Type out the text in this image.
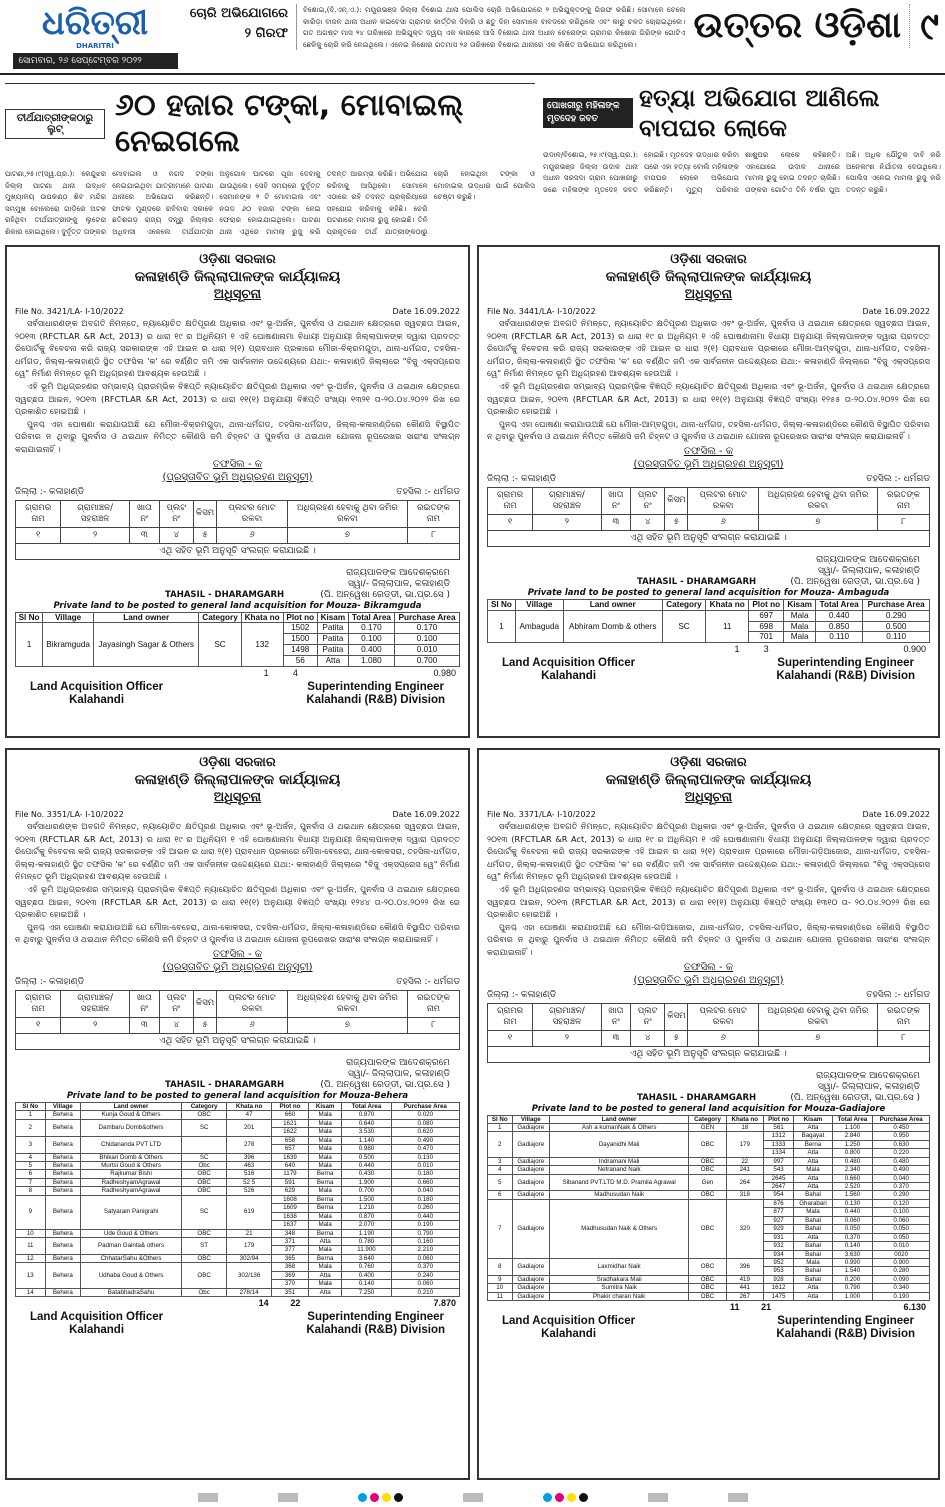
ଧରିତ୍ରୀ
DHARITRI
ସୋମବାର, ୨୬ ସେପ୍ଟେମ୍ବର ୨୦୨୨
ଚୋରି ଅଭିଯୋଗରେ ୨ ଗିରଫ
ବିଶୋଇ,(ବି.ଏନ୍.ଏ.): ମୟୂରଭଞ୍ଜ ଜିଲ୍ଲା ବିଶୋଇ ଥାନା ପୋଲିସ ଚୋରି ଅଭିଯୋଗରେ ୨ ଅଭିଯୁକ୍ତଙ୍କୁ ଗିରଫ କରିଛି। ସୋମାଳେ ଚେଲେ କାରିଡ଼ା ବାଜନ ଥାନା ଅଧୀନ କଇବେସା ଗ୍ରାମର କାର୍ତ୍ତିକ ଦିହାରି ଓ ଛତୁ ଦିହା ସୋମାଳେ ବାବଦରେ କରିଥିଲେ ଏବଂ କାରୁ ଚଳତ ଚୋରାଇଥିଲେ। ଗତ ଅଗଷ୍ଟ ମାସ ୨୪ ତାରିଖରେ ଅଭିଯୁକ୍ତ ଦ୍ୱୟ ଏକ କାରରେ ଆସି ବିଶୋଇ ଥାନା ଅଧୀନ ଚେରେଙ୍ଗ ଗ୍ରାମର କିଶୋର ଗିରିଙ୍କ ଗୋଟିଏ ଛେଳିକୁ ଚୋରି କରି ନେଇଥିଲେ। ଏନେଇ କିଶୋର ଗତମାସ ୨୬ ତାରିଖରେ ବିଶୋଇ ଥାନାରେ ଏକ ଲିଖିତ ଅଭିଯୋଗ କରିଥିଲେ।	ଉତ୍ତର ଓଡ଼ିଶା ୯
ତୀର୍ଥଯାତ୍ରୀଙ୍କଠାରୁ ଲୁଟ୍
୬୦ ହଜାର ଟଙ୍କା, ମୋବାଇଲ୍ ନେଇଗଲେ
ପାଟଣା,୨୫।୯(ସ୍ୱ.ପ୍ର.): କେନ୍ଦୁଝର ଜିଲ୍ଲା ପାଟଣା ଥାନା ଉଦ୍ଧବ ମୁଖ୍ୟାଳୟ ଉପକଣ୍ଠ ଶିବ ମନ୍ଦିର ସମ୍ମୁଖ ବୋଲେରୋ ଗାଡ଼ିରେ ଅଟକ ରହିଥିବା ତୀର୍ଥଯାତ୍ରୀଙ୍କୁ ଲୁଟେରା ଶିକାର ହୋଇଥିଲେ। ଦୁର୍ବୃତ୍ତ ତାଙ୍କର ମୋବାଇଲ ଓ ନଗଦ ଟଙ୍କା ନେଇଯାଇଥିବା ଯାତ୍ରୀମାନେ ପାଟଣା ଥାନାରେ ଅଭିଯୋଗ କରିଛନ୍ତି। ଫାଟକ ମୁଣ୍ଡରେ ରବିବାର ସକାଳେ ଛତିଶଗଡ଼ ରାଜ୍ୟ ଦନ୍ତ୍ରୁ ଜିଲ୍ଲାର ଅଧିବାସୀ ଏକେଲେ ତୀର୍ଥଯାତ୍ରୀ ଅନୁଗୋଳ ଘାଟରେ ପୂଜା ଦେବାକୁ ଯାଉଥିଲେ। ସେହି ସମୟରେ ଦୁର୍ବୃତ୍ତ ସେମାନଙ୍କ ୨ ଟି ମୋବାଇଲ ଏବଂ ନଗଦ ୬୦ ହଜାର ଟଙ୍କା ନେଇ ଫେରାର ହୋଇଯାଇଥିଲେ। ପାଟଣା ଥାନା ଏଥିରେ ମାମଲା ରୁଜୁ କରି ତଦନ୍ତ ଆରମ୍ଭ କରିଛି। ଅଭିଯୋଗ କରିବାକୁ ଆସିଥିଲେ। ସୋମାଳେ ଏଠାରେ ରହି ତଦନ୍ତ ପ୍ରକ୍ରିୟାରେ ସହଯୋଗ କରିବାକୁ କହିଛି। ଚେରି ଘଟଣାରେ ମାମଲା ରୁଜୁ ହୋଇଛି। ତିନି ପ୍ରକୃତରେ ତୀର୍ଥ ଯାତ୍ରୀଙ୍କଠାରୁ ଚୋରି ହୋଇଥିବା ଟଙ୍କା ଓ ମୋବାଇଲ ଉଦ୍ଧାର ପାଇଁ ପୋଲିସ ଚେଷ୍ଟା କରୁଛି।
ପୋଖରୀରୁ ମହିଳାଙ୍କ ମୃତଦେହ ଜବତ
ହତ୍ୟା ଅଭିଯୋଗ ଆଣିଲେ ବାପଘର ଲୋକେ
ଉଦାଳ/ବିଶୋଇ, ୨୫।୯(ସ୍ୱ.ପ୍ର.): ମୟୂରଭଞ୍ଜ ଜିଲ୍ଲା ଉଦାଳ ଥାନା ଅଧୀନ ସରସଦା ଗ୍ରାମ ପୋଖରୀରୁ ଜଣେ ମହିଳାଙ୍କ ମୃତଦେହ ଜବତ ହୋଇଛି। ମୃତଦେହ ଉଦ୍ଧାର କରିବା ପରେ ଏହା ହତ୍ୟା ବୋଲି ମହିଳାଙ୍କ ବାପଘର ଲୋକେ ଅଭିଯୋଗ କରିଛନ୍ତି। ମୁତ୍ୟୁ ପରିବାର ଶାଶୁଘର ଲୋକେ କହିଛନ୍ତି। ଏହାଯୋଗେ ଉଦାଳ ଥାନାରେ ମାମଲା ରୁଜୁ ହୋଇ ତଦନ୍ତ ଚାଲିଛି। ତାଙ୍କର ଗୋଟିଏ ତିନି ବର୍ଷର ପୁଅ ଅଛି। ଅଧିକ ଯୌତୁକ ଦାବି କରି ଅନେକାଂଶ ନିର୍ଯାତନା ଦେଉଥିଲେ। ପୋଲିସ ଏନେଇ ମାମଲା ରୁଜୁ କରି ତଦନ୍ତ କରୁଛି।
ଓଡ଼ିଶା ସରକାର
କଳାହାଣ୍ଡି ଜିଲ୍ଲାପାଳଙ୍କ କାର୍ଯ୍ୟାଳୟ
ଅଧିସୂଚନା
File No. 3421/LA- I-10/2022	Date 16.09.2022
ସର୍ବସାଧାରଣଙ୍କ ଅବଗତି ନିମନ୍ତେ, ନ୍ୟାୟୋଚିତ କ୍ଷତିପୂରଣ ଅଧିକାର ଏବଂ ଭୂ-ଅର୍ଜନ, ପୁନର୍ବାସ ଓ ଥଇଥାନ କ୍ଷେତ୍ରରେ ସ୍ୱଚ୍ଛତା ଆଇନ, ୨୦୧୩ (RFCTLAR &R Act, 2013) ର ଧାରା ୧୯ ର ଅଧିନିୟମ ୧ ଏହି ଘୋଷଣାନାମା ବିଧାୟୀ ଅନୁଯାୟୀ ଜିଲ୍ଲାପାଳଙ୍କ ଦ୍ୱାରା ପ୍ରଦତ୍ତ ରିପୋର୍ଟକୁ ବିବେଚନା କରି ରାଜ୍ୟ ସରକାରଙ୍କ ଏହି ଆଇନ ର ଧାରା ୨(୧) ପ୍ରାବଧାନ ପ୍ରକାରେ ମୌଜା-ବିକ୍ରମଗୁଡ଼ା, ଥାନା-ଧର୍ମଗଡ, ତହସିଲ-ଧର୍ମଗଡ, ଜିଲ୍ଲା-କଳାହାଣ୍ଡି ସ୍ଥିତ ତଫସିଲ 'କ' ରେ ବର୍ଣ୍ଣିତ ଜମି ଏକ ସାର୍ବଜନୀନ ଉଦ୍ଦେଶ୍ୟରେ ଯଥା:- କଳାହାଣ୍ଡି ଜିଲ୍ଲାରେ "ବିଜୁ ଏକ୍ସପ୍ରେସ ୱେ" ନିର୍ମାଣ ନିମନ୍ତେ ଭୂମି ଅଧିଗ୍ରହଣ ଆବଶ୍ୟକ ହେଉଅଛି ।
ଏହି ଭୂମି ଅଧିଗ୍ରହଣର ସମ୍ଭାବ୍ୟ ପ୍ରାରମ୍ଭିକ ବିଜ୍ଞପ୍ତି ନ୍ୟାୟୋଚିତ କ୍ଷତିପୂରଣ ଅଧିକାର ଏବଂ ଭୂ-ଅର୍ଜନ, ପୁନର୍ବାସ ଓ ଥଇଥାନ କ୍ଷେତ୍ରରେ ସ୍ୱଚ୍ଛତା ଆଇନ, ୨୦୧୩ (RFCTLAR &R Act, 2013) ର ଧାରା ୧୧(୧) ଅନୁଯାୟୀ ବିଜ୍ଞପ୍ତି ସଂଖ୍ୟା ୧୩୨୧ ତା-୨୦.୦୪.୨୦୨୨ ରିଖ ରେ ପ୍ରକାଶିତ ହୋଇଅଛି ।
ପୁନଶ୍ଚ ଏହା ଘୋଷଣା କରାଯାଉଅଛି ଯେ ମୌଜା-ବିକ୍ରମଗୁଡ଼ା, ଥାନା-ଧର୍ମଗଡ, ତହସିଲ-ଧର୍ମଗଡ, ଜିଲ୍ଲା-କଳାହାଣ୍ଡିରେ କୌଣସି ବିସ୍ଥାପିତ ପରିବାର ନ ଥିବାରୁ ପୁନର୍ବାସ ଓ ଥଇଥାନ ନିମିତ୍ତ କୌଣସି ଜମି ଚିହ୍ନଟ ଓ ପୁନର୍ବାସ ଓ ଥଇଥାନ ଯୋଜନା ରୂପରେଖର ସାରାଂଶ ସଂଲଗ୍ନ କରାଯାଇନାହିଁ ।
ତଫସିଲ - କ
(ପ୍ରସ୍ତାବିତ ଭୂମି ଅଧିଗ୍ରହଣ ଅନୁସୂଚୀ)
ଜିଲ୍ଲା :- କଳାହାଣ୍ଡି	ତହସିଲ :- ଧର୍ମଗଡ
ଗ୍ରାମର ନାମ	ଗ୍ରାମାଞ୍ଚଳ/ ସହରାଞ୍ଚଳ	ଖାତା ନଂ	ପ୍ଲଟ ନଂ	କିସମ	ପ୍ଲଟର ମୋଟ ରକବା	ଅଧିଗ୍ରହଣ ହେବାକୁ ଥିବା ଜମିର ରକବା	ରଇତଙ୍କ ନାମ
୧	୨	୩	୪	୫	୬	୭	୮
ଏଥି ସହିତ ଭୂମି ଅନୁସୂଚି ସଂଲଗ୍ନ କରାଯାଇଛି ।							
ରାଜ୍ୟପାଳଙ୍କ ଆଦେଶକ୍ରମେ
ସ୍ୱା/- ଜିଲ୍ଲାପାଳ, କଳାହାଣ୍ଡି
TAHASIL - DHARAMGARH	(ପି. ଅନ୍ୱେଷା ରେଡ୍ଡୀ, ଭା.ପ୍ର.ସେ )
Private land to be posted to general land acquisition for Mouza- Bikramguda
Sl No	Village	Land owner	Category	Khata no	Plot no	Kisam	Total Area	Purchase Area
1	Bikramguda	Jayasingh Sagar & Others	SC	132	1502	Patita	0.170	0.170
					1500	Patita	0.100	0.100
					1498	Patita	0.400	0.010
					56	Atta	1.080	0.700
1	4	0.980
Land Acquisition Officer
Kalahandi
Superintending Engineer
Kalahandi (R&B) Division
ଓଡ଼ିଶା ସରକାର
କଳାହାଣ୍ଡି ଜିଲ୍ଲାପାଳଙ୍କ କାର୍ଯ୍ୟାଳୟ
ଅଧିସୂଚନା
File No. 3441/LA- I-10/2022	Date 16.09.2022
ସର୍ବସାଧାରଣଙ୍କ ଅବଗତି ନିମନ୍ତେ, ନ୍ୟାୟୋଚିତ କ୍ଷତିପୂରଣ ଅଧିକାର ଏବଂ ଭୂ-ଅର୍ଜନ, ପୁନର୍ବାସ ଓ ଥଇଥାନ କ୍ଷେତ୍ରରେ ସ୍ୱଚ୍ଛତା ଆଇନ, ୨୦୧୩ (RFCTLAR &R Act, 2013) ର ଧାରା ୧୯ ର ଅଧିନିୟମ ୧ ଏହି ଘୋଷଣାନାମା ବିଧାୟୀ ଅନୁଯାୟୀ ଜିଲ୍ଲାପାଳଙ୍କ ଦ୍ୱାରା ପ୍ରଦତ୍ତ ରିପୋର୍ଟକୁ ବିବେଚନା କରି ରାଜ୍ୟ ସରକାରଙ୍କ ଏହି ଆଇନ ର ଧାରା ୨(୧) ପ୍ରାବଧାନ ପ୍ରକାରେ ମୌଜା-ଆମ୍ବଗୁଡ଼ା, ଥାନା-ଧର୍ମଗଡ, ତହସିଲ-ଧର୍ମଗଡ, ଜିଲ୍ଲା-କଳାହାଣ୍ଡି ସ୍ଥିତ ତଫସିଲ 'କ' ରେ ବର୍ଣ୍ଣିତ ଜମି ଏକ ସାର୍ବଜନୀନ ଉଦ୍ଦେଶ୍ୟରେ ଯଥା:- କଳାହାଣ୍ଡି ଜିଲ୍ଲାରେ "ବିଜୁ ଏକ୍ସପ୍ରେସ ୱେ" ନିର୍ମାଣ ନିମନ୍ତେ ଭୂମି ଅଧିଗ୍ରହଣ ଆବଶ୍ୟକ ହେଉଅଛି ।
ଏହି ଭୂମି ଅଧିଗ୍ରହଣର ସମ୍ଭାବ୍ୟ ପ୍ରାରମ୍ଭିକ ବିଜ୍ଞପ୍ତି ନ୍ୟାୟୋଚିତ କ୍ଷତିପୂରଣ ଅଧିକାର ଏବଂ ଭୂ-ଅର୍ଜନ, ପୁନର୍ବାସ ଓ ଥଇଥାନ କ୍ଷେତ୍ରରେ ସ୍ୱଚ୍ଛତା ଆଇନ, ୨୦୧୩ (RFCTLAR &R Act, 2013) ର ଧାରା ୧୧(୧) ଅନୁଯାୟୀ ବିଜ୍ଞପ୍ତି ସଂଖ୍ୟା ୧୨୫୫ ତା-୨୦.୦୪.୨୦୨୨ ରିଖ ରେ ପ୍ରକାଶିତ ହୋଇଅଛି ।
ପୁନଶ୍ଚ ଏହା ଘୋଷଣା କରାଯାଉଅଛି ଯେ ମୌଜା-ଆମ୍ବଗୁଡ଼ା, ଥାନା-ଧର୍ମଗଡ, ତହସିଲ-ଧର୍ମଗଡ, ଜିଲ୍ଲା-କଳାହାଣ୍ଡିରେ କୌଣସି ବିସ୍ଥାପିତ ପରିବାର ନ ଥିବାରୁ ପୁନର୍ବାସ ଓ ଥଇଥାନ ନିମିତ୍ତ କୌଣସି ଜମି ଚିହ୍ନଟ ଓ ପୁନର୍ବାସ ଓ ଥଇଥାନ ଯୋଜନା ରୂପରେଖର ସାରାଂଶ ସଂଲଗ୍ନ କରାଯାଇନାହିଁ ।
ତଫସିଲ - କ
(ପ୍ରସ୍ତାବିତ ଭୂମି ଅଧିଗ୍ରହଣ ଅନୁସୂଚୀ)
ଜିଲ୍ଲା :- କଳାହାଣ୍ଡି	ତହସିଲ :- ଧର୍ମଗଡ
ଗ୍ରାମର ନାମ	ଗ୍ରାମାଞ୍ଚଳ/ ସହରାଞ୍ଚଳ	ଖାତା ନଂ	ପ୍ଲଟ ନଂ	କିସମ	ପ୍ଲଟର ମୋଟ ରକବା	ଅଧିଗ୍ରହଣ ହେବାକୁ ଥିବା ଜମିର ରକବା	ରଇତଙ୍କ ନାମ
୧	୨	୩	୪	୫	୬	୭	୮
ଏଥି ସହିତ ଭୂମି ଅନୁସୂଚି ସଂଲଗ୍ନ କରାଯାଇଛି ।							
ରାଜ୍ୟପାଳଙ୍କ ଆଦେଶକ୍ରମେ
ସ୍ୱା/- ଜିଲ୍ଲାପାଳ, କଳାହାଣ୍ଡି
TAHASIL - DHARAMGARH	(ପି. ଅନ୍ୱେଷା ରେଡ୍ଡୀ, ଭା.ପ୍ର.ସେ )
Private land to be posted to general land acquisition for Mouza- Ambaguda
Sl No	Village	Land owner	Category	Khata no	Plot no	Kisam	Total Area	Purchase Area
1	Ambaguda	Abhiram Domb & others	SC	11	697	Mala	0.440	0.290
					698	Mala	0.850	0.500
					701	Mala	0.110	0.110
1	3	0.900
Land Acquisition Officer
Kalahandi
Superintending Engineer
Kalahandi (R&B) Division
ଓଡ଼ିଶା ସରକାର
କଳାହାଣ୍ଡି ଜିଲ୍ଲାପାଳଙ୍କ କାର୍ଯ୍ୟାଳୟ
ଅଧିସୂଚନା
File No. 3351/LA- I-10/2022	Date 16.09.2022
ସର୍ବସାଧାରଣଙ୍କ ଅବଗତି ନିମନ୍ତେ, ନ୍ୟାୟୋଚିତ କ୍ଷତିପୂରଣ ଅଧିକାର ଏବଂ ଭୂ-ଅର୍ଜନ, ପୁନର୍ବାସ ଓ ଥଇଥାନ କ୍ଷେତ୍ରରେ ସ୍ୱଚ୍ଛତା ଆଇନ, ୨୦୧୩ (RFCTLAR &R Act, 2013) ର ଧାରା ୧୯ ର ଅଧିନିୟମ ୧ ଏହି ଘୋଷଣାନାମା ବିଧାୟୀ ଅନୁଯାୟୀ ଜିଲ୍ଲାପାଳଙ୍କ ଦ୍ୱାରା ପ୍ରଦତ୍ତ ରିପୋର୍ଟକୁ ବିବେଚନା କରି ରାଜ୍ୟ ସରକାରଙ୍କ ଏହି ଆଇନ ର ଧାରା ୨(୧) ପ୍ରାବଧାନ ପ୍ରକାରେ ମୌଜା-ବେହେରା, ଥାନା-କୋକସରା, ତହସିଲ-ଧର୍ମଗଡ, ଜିଲ୍ଲା-କଳାହାଣ୍ଡି ସ୍ଥିତ ତଫସିଲ 'କ' ରେ ବର୍ଣ୍ଣିତ ଜମି ଏକ ସାର୍ବଜନୀନ ଉଦ୍ଦେଶ୍ୟରେ ଯଥା:- କଳାହାଣ୍ଡି ଜିଲ୍ଲାରେ "ବିଜୁ ଏକ୍ସପ୍ରେସ ୱେ" ନିର୍ମାଣ ନିମନ୍ତେ ଭୂମି ଅଧିଗ୍ରହଣ ଆବଶ୍ୟକ ହେଉଅଛି ।
ଏହି ଭୂମି ଅଧିଗ୍ରହଣର ସମ୍ଭାବ୍ୟ ପ୍ରାରମ୍ଭିକ ବିଜ୍ଞପ୍ତି ନ୍ୟାୟୋଚିତ କ୍ଷତିପୂରଣ ଅଧିକାର ଏବଂ ଭୂ-ଅର୍ଜନ, ପୁନର୍ବାସ ଓ ଥଇଥାନ କ୍ଷେତ୍ରରେ ସ୍ୱଚ୍ଛତା ଆଇନ, ୨୦୧୩ (RFCTLAR &R Act, 2013) ର ଧାରା ୧୧(୧) ଅନୁଯାୟୀ ବିଜ୍ଞପ୍ତି ସଂଖ୍ୟା ୧୨୪୪ ତା-୨୦.୦୪.୨୦୨୨ ରିଖ ରେ ପ୍ରକାଶିତ ହୋଇଅଛି ।
ପୁନଶ୍ଚ ଏହା ଘୋଷଣା କରାଯାଉଅଛି ଯେ ମୌଜା-ବେହେରା, ଥାନା-କୋକସରା, ତହସିଲ-ଧର୍ମଗଡ, ଜିଲ୍ଲା-କଳାହାଣ୍ଡିରେ କୌଣସି ବିସ୍ଥାପିତ ପରିବାର ନ ଥିବାରୁ ପୁନର୍ବାସ ଓ ଥଇଥାନ ନିମିତ୍ତ କୌଣସି ଜମି ଚିହ୍ନଟ ଓ ପୁନର୍ବାସ ଓ ଥଇଥାନ ଯୋଜନା ରୂପରେଖର ସାରାଂଶ ସଂଲଗ୍ନ କରାଯାଇନାହିଁ ।
ତଫସିଲ - କ
(ପ୍ରସ୍ତାବିତ ଭୂମି ଅଧିଗ୍ରହଣ ଅନୁସୂଚୀ)
ଜିଲ୍ଲା :- କଳାହାଣ୍ଡି	ତହସିଲ :- ଧର୍ମଗଡ
ଗ୍ରାମର ନାମ	ଗ୍ରାମାଞ୍ଚଳ/ ସହରାଞ୍ଚଳ	ଖାତା ନଂ	ପ୍ଲଟ ନଂ	କିସମ	ପ୍ଲଟର ମୋଟ ରକବା	ଅଧିଗ୍ରହଣ ହେବାକୁ ଥିବା ଜମିର ରକବା	ରଇତଙ୍କ ନାମ
୧	୨	୩	୪	୫	୬	୭	୮
ଏଥି ସହିତ ଭୂମି ଅନୁସୂଚି ସଂଲଗ୍ନ କରାଯାଇଛି ।							
ରାଜ୍ୟପାଳଙ୍କ ଆଦେଶକ୍ରମେ
ସ୍ୱା/- ଜିଲ୍ଲାପାଳ, କଳାହାଣ୍ଡି
TAHASIL - DHARAMGARH	(ପି. ଅନ୍ୱେଷା ରେଡ୍ଡୀ, ଭା.ପ୍ର.ସେ )
Private land to be posted to general land acquisition for Mouza-Behera
Sl No	Village	Land owner	Category	Khata no	Plot no	Kisam	Total Area	Purchase Area
1	Behera	Kunja Goud & Others	OBC	47	660	Mala	0.870	0.020
2	Behera	Dambaru Domb&others	SC	201	1621	Mala	0.640	0.080
					1622	Mala	3.530	0.620
3	Behera	Chidananda PVT LTD		278	658	Mala	1.140	0.490
					657	Mala	0.980	0.470
4	Behera	Bhikari Domb & Others	SC	396	1639	Mala	0.500	0.130
5	Behera	Murtsi Goud & Others	Obc	463	640	Mala	0.440	0.010
6	Behera	Rajkumar Bishi	OBC	516	1179	Berna	0.430	0.180
7	Behera	RadheshyamAgrawal	OBC	52 5	591	Berna	1.900	0.660
8	Behera	RadheshyamAgrawal	OBC	526	629	Mala	0.700	0.040
9	Behera	Satyaram Panigrahi	SC	619	1608	Berna	1.500	0.180
					1609	Berna	1.210	0.260
					1638	Mala	0.870	0.440
					1637	Mala	2.070	0.190
10	Behera	Ude Goud & Others	OBC	21	348	Berna	1.190	0.790
11	Behera	Padman Gainta& others	ST	179	371	Atta	0.780	0.160
					377	Mala	11.900	2.210
12	Behera	ChhatarSahu &Others	OBC	302/94	365	Berna	3.640	0.060
13	Behera	Udhaba Goud & Others	OBC	302/136	368	Mala	0.760	0.370
					369	Atta	0.400	0.240
					370	Mala	0.140	0.060
14	Behera	BatabhadraSahu	Obc	278/14	351	Atta	7.250	0.210
14	22	7.870
Land Acquisition Officer
Kalahandi
Superintending Engineer
Kalahandi (R&B) Division
ଓଡ଼ିଶା ସରକାର
କଳାହାଣ୍ଡି ଜିଲ୍ଲାପାଳଙ୍କ କାର୍ଯ୍ୟାଳୟ
ଅଧିସୂଚନା
File No. 3371/LA- I-10/2022	Date 16.09.2022
ସର୍ବସାଧାରଣଙ୍କ ଅବଗତି ନିମନ୍ତେ, ନ୍ୟାୟୋଚିତ କ୍ଷତିପୂରଣ ଅଧିକାର ଏବଂ ଭୂ-ଅର୍ଜନ, ପୁନର୍ବାସ ଓ ଥଇଥାନ କ୍ଷେତ୍ରରେ ସ୍ୱଚ୍ଛତା ଆଇନ, ୨୦୧୩ (RFCTLAR &R Act, 2013) ର ଧାରା ୧୯ ର ଅଧିନିୟମ ୧ ଏହି ଘୋଷଣାନାମା ବିଧାୟୀ ଅନୁଯାୟୀ ଜିଲ୍ଲାପାଳଙ୍କ ଦ୍ୱାରା ପ୍ରଦତ୍ତ ରିପୋର୍ଟକୁ ବିବେଚନା କରି ରାଜ୍ୟ ସରକାରଙ୍କ ଏହି ଆଇନ ର ଧାରା ୨(୧) ପ୍ରାବଧାନ ପ୍ରକାରେ ମୌଜା-ଗଡ଼ିଆଜୋର, ଥାନା-ଧର୍ମଗଡ, ତହସିଲ-ଧର୍ମଗଡ, ଜିଲ୍ଲା-କଳାହାଣ୍ଡି ସ୍ଥିତ ତଫସିଲ 'କ' ରେ ବର୍ଣ୍ଣିତ ଜମି ଏକ ସାର୍ବଜନୀନ ଉଦ୍ଦେଶ୍ୟରେ ଯଥା:- କଳାହାଣ୍ଡି ଜିଲ୍ଲାରେ "ବିଜୁ ଏକ୍ସପ୍ରେସ ୱେ" ନିର୍ମାଣ ନିମନ୍ତେ ଭୂମି ଅଧିଗ୍ରହଣ ଆବଶ୍ୟକ ହେଉଅଛି ।
ଏହି ଭୂମି ଅଧିଗ୍ରହଣର ସମ୍ଭାବ୍ୟ ପ୍ରାରମ୍ଭିକ ବିଜ୍ଞପ୍ତି ନ୍ୟାୟୋଚିତ କ୍ଷତିପୂରଣ ଅଧିକାର ଏବଂ ଭୂ-ଅର୍ଜନ, ପୁନର୍ବାସ ଓ ଥଇଥାନ କ୍ଷେତ୍ରରେ ସ୍ୱଚ୍ଛତା ଆଇନ, ୨୦୧୩ (RFCTLAR &R Act, 2013) ର ଧାରା ୧୧(୧) ଅନୁଯାୟୀ ବିଜ୍ଞପ୍ତି ସଂଖ୍ୟା ୧୩୧୦ ତା- ୨୦.୦୪.୨୦୨୨ ରିଖ ରେ ପ୍ରକାଶିତ ହୋଇଅଛି ।
ପୁନଶ୍ଚ ଏହା ଘୋଷଣା କରାଯାଉଅଛି ଯେ ମୌଜା-ଗଡ଼ିଆଜୋର, ଥାନା-ଧର୍ମଗଡ, ତହସିଲ-ଧର୍ମଗଡ, ଜିଲ୍ଲା-କଳାହାଣ୍ଡିରେ କୌଣସି ବିସ୍ଥାପିତ ପରିବାର ନ ଥିବାରୁ ପୁନର୍ବାସ ଓ ଥଇଥାନ ନିମିତ୍ତ କୌଣସି ଜମି ଚିହ୍ନଟ ଓ ପୁନର୍ବାସ ଓ ଥଇଥାନ ଯୋଜନା ରୂପରେଖର ସାରାଂଶ ସଂଲଗ୍ନ କରାଯାଇନାହିଁ ।
ତଫସିଲ - କ
(ପ୍ରସ୍ତାବିତ ଭୂମି ଅଧିଗ୍ରହଣ ଅନୁସୂଚୀ)
ଜିଲ୍ଲା :- କଳାହାଣ୍ଡି	ତହସିଲ :- ଧର୍ମଗଡ
ଗ୍ରାମର ନାମ	ଗ୍ରାମାଞ୍ଚଳ/ ସହରାଞ୍ଚଳ	ଖାତା ନଂ	ପ୍ଲଟ ନଂ	କିସମ	ପ୍ଲଟର ମୋଟ ରକବା	ଅଧିଗ୍ରହଣ ହେବାକୁ ଥିବା ଜମିର ରକବା	ରଇତଙ୍କ ନାମ
୧	୨	୩	୪	୫	୬	୭	୮
ଏଥି ସହିତ ଭୂମି ଅନୁସୂଚି ସଂଲଗ୍ନ କରାଯାଇଛି ।							
ରାଜ୍ୟପାଳଙ୍କ ଆଦେଶକ୍ରମେ
ସ୍ୱା/- ଜିଲ୍ଲାପାଳ, କଳାହାଣ୍ଡି
TAHASIL - DHARAMGARH	(ପି. ଅନ୍ୱେଷା ରେଡ୍ଡୀ, ଭା.ପ୍ର.ସେ )
Private land to be posted to general land acquisition for Mouza-Gadiajore
Sl No	Village	Land owner	Category	Khata no	Plot no	Kisam	Total Area	Purchase Area
1	Gadiajore	Ash a kumanNaik & Others	GEN	18	561	Atta	1.100	0.450
2	Gadiajore	Dayanidhi Maii	OBC	179	1312	Bagayat	2.840	0.950
					1333	Berna	1.250	0.630
					1334	Atta	0.800	0.220
3	Gadiajore	Indramani Mali	OBC	22	997	Atta	0.480	0.480
4	Gadiajore	Netranand Naik	OBC	241	543	Mala	2.340	0.490
5	Gadiajore	Sibanand PVT.LTD M.D. Pramila Agrawal	Gen	264	2645	Atta	0.660	0.040
					2647	Atta	2.520	0.370
6	Gadiajore	Madhusudan Naik	OBC	318	954	Bahal	1.560	0.290
7	Gadiajore	Madhusudan Naik & Others	OBC	320	876	Gharabari	0.130	0.120
					877	Mala	0.440	0.100
					927	Bahal	0.060	0.060
					929	Bahal	0.050	0.050
					931	Atta	0.370	0.050
					932	Bahal	0.140	0.010
					934	Bahal	3.630	0020
8	Gadiajore	Laxmidhar Naik	OBC	396	952	Mala	0.990	0.900
					953	Bahal	1.540	0.280
9	Gadiajore	Sradhakara Maii	OBC	419	928	Bahal	0.200	0.090
10	Gadiajore	Sumitra Naik	OBC	441	1612	Atta	0.790	0.340
11	Gadiajore	Phakir charan Naik	OBC	267	1475	Atta	1.000	0.190
11	21	6.130
Land Acquisition Officer
Kalahandi
Superintending Engineer
Kalahandi (R&B) Division
